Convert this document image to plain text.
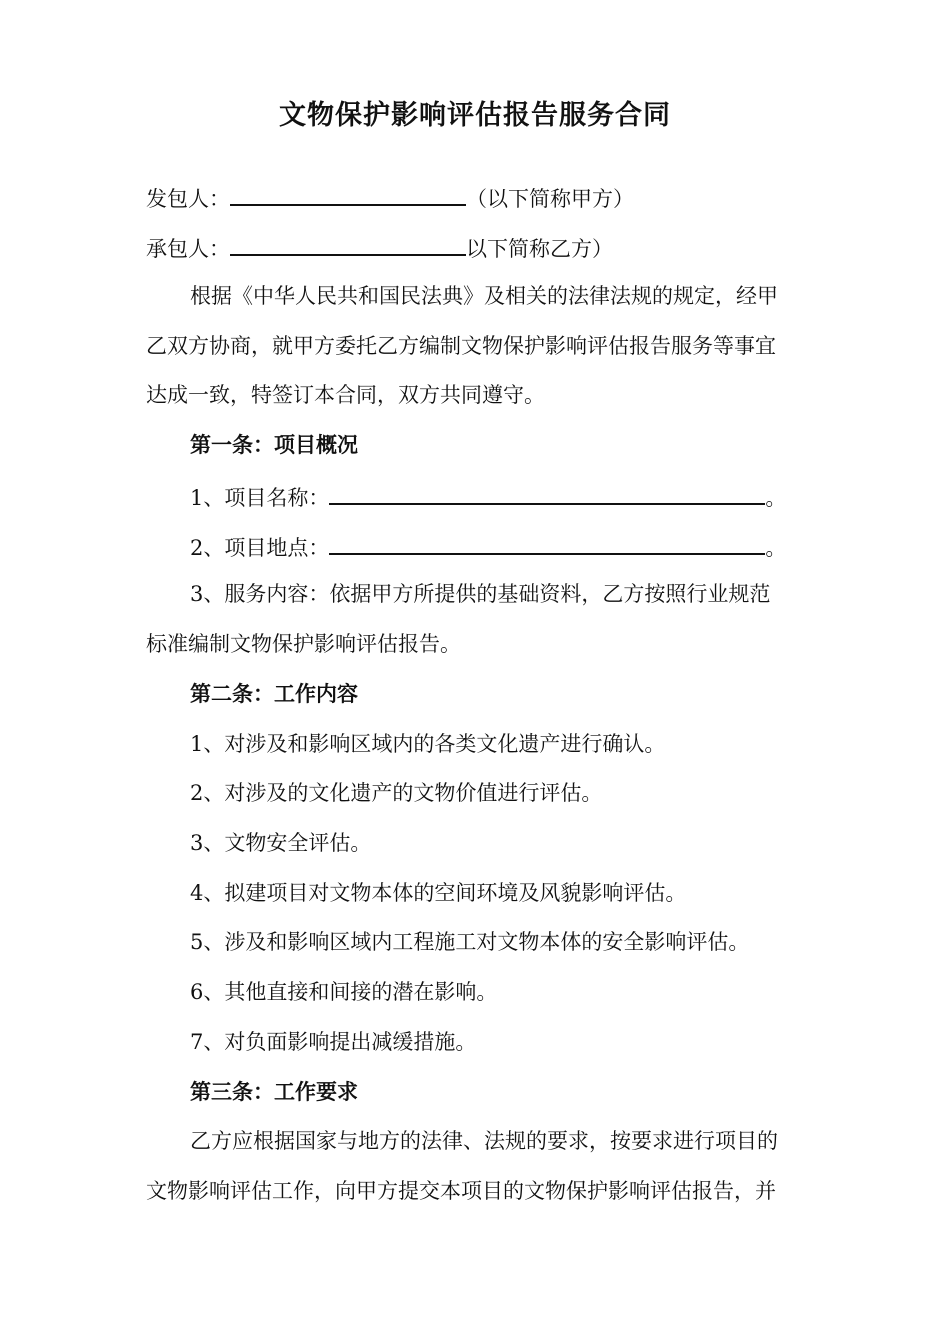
文物保护影响评估报告服务合同
发包人：	（以下简称甲方）
承包人：	以下简称乙方）
根据《中华人民共和国民法典》及相关的法律法规的规定，经甲
乙双方协商，就甲方委托乙方编制文物保护影响评估报告服务等事宜
达成一致，特签订本合同，双方共同遵守。
第一条：项目概况
1、项目名称：	。
2、项目地点：	。
3、服务内容：依据甲方所提供的基础资料，乙方按照行业规范
标准编制文物保护影响评估报告。
第二条：工作内容
1、对涉及和影响区域内的各类文化遗产进行确认。
2、对涉及的文化遗产的文物价值进行评估。
3、文物安全评估。
4、拟建项目对文物本体的空间环境及风貌影响评估。
5、涉及和影响区域内工程施工对文物本体的安全影响评估。
6、其他直接和间接的潜在影响。
7、对负面影响提出减缓措施。
第三条：工作要求
乙方应根据国家与地方的法律、法规的要求，按要求进行项目的
文物影响评估工作，向甲方提交本项目的文物保护影响评估报告，并
